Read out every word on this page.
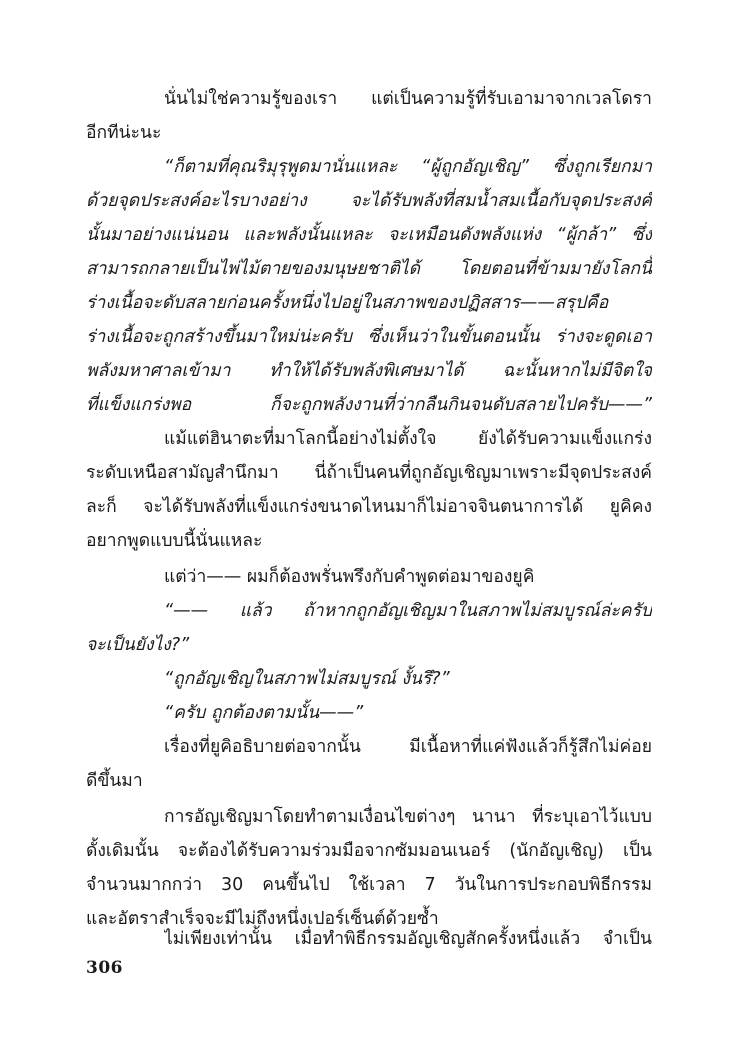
นั่นไม่ใช่ความรู้ของเรา แต่เป็นความรู้ที่รับเอามาจากเวลโดรา
อีกทีน่ะนะ
“ก็ตามที่คุณริมุรุพูดมานั่นแหละ “ผู้ถูกอัญเชิญ” ซึ่งถูกเรียกมา
ด้วยจุดประสงค์อะไรบางอย่าง จะได้รับพลังที่สมน้ำสมเนื้อกับจุดประสงค์
นั้นมาอย่างแน่นอน และพลังนั้นแหละ จะเหมือนดังพลังแห่ง “ผู้กล้า” ซึ่ง
สามารถกลายเป็นไพ่ไม้ตายของมนุษยชาติได้ โดยตอนที่ข้ามมายังโลกนี้
ร่างเนื้อจะดับสลายก่อนครั้งหนึ่งไปอยู่ในสภาพของปฏิสสาร——สรุปคือ
ร่างเนื้อจะถูกสร้างขึ้นมาใหม่น่ะครับ ซึ่งเห็นว่าในขั้นตอนนั้น ร่างจะดูดเอา
พลังมหาศาลเข้ามา ทำให้ได้รับพลังพิเศษมาได้ ฉะนั้นหากไม่มีจิตใจ
ที่แข็งแกร่งพอ ก็จะถูกพลังงานที่ว่ากลืนกินจนดับสลายไปครับ——”
แม้แต่ฮินาตะที่มาโลกนี้อย่างไม่ตั้งใจ ยังได้รับความแข็งแกร่ง
ระดับเหนือสามัญสำนึกมา นี่ถ้าเป็นคนที่ถูกอัญเชิญมาเพราะมีจุดประสงค์
ละก็ จะได้รับพลังที่แข็งแกร่งขนาดไหนมาก็ไม่อาจจินตนาการได้ ยูคิคง
อยากพูดแบบนี้นั่นแหละ
แต่ว่า—— ผมก็ต้องพรั่นพรึงกับคำพูดต่อมาของยูคิ
“—— แล้ว ถ้าหากถูกอัญเชิญมาในสภาพไม่สมบูรณ์ล่ะครับ
จะเป็นยังไง?”
“ถูกอัญเชิญในสภาพไม่สมบูรณ์ งั้นรึ?”
“ครับ ถูกต้องตามนั้น——”
เรื่องที่ยูคิอธิบายต่อจากนั้น มีเนื้อหาที่แค่ฟังแล้วก็รู้สึกไม่ค่อย
ดีขึ้นมา
การอัญเชิญมาโดยทำตามเงื่อนไขต่างๆ นานา ที่ระบุเอาไว้แบบ
ดั้งเดิมนั้น จะต้องได้รับความร่วมมือจากซัมมอนเนอร์ (นักอัญเชิญ) เป็น
จำนวนมากกว่า 30 คนขึ้นไป ใช้เวลา 7 วันในการประกอบพิธีกรรม
และอัตราสำเร็จจะมีไม่ถึงหนึ่งเปอร์เซ็นต์ด้วยซ้ำ
ไม่เพียงเท่านั้น เมื่อทำพิธีกรรมอัญเชิญสักครั้งหนึ่งแล้ว จำเป็น
306
